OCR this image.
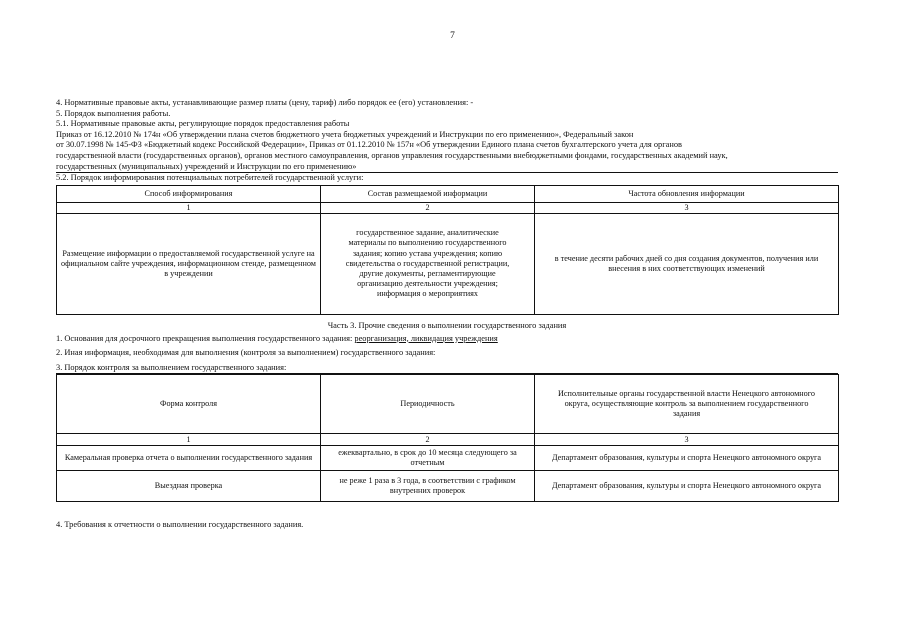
7
4. Нормативные правовые акты, устанавливающие размер платы (цену, тариф) либо порядок ее (его) установления: -
5. Порядок выполнения работы.
5.1. Нормативные правовые акты, регулирующие порядок предоставления работы
Приказ от 16.12.2010 № 174н «Об утверждении плана счетов бюджетного учета бюджетных учреждений и Инструкции по его применению», Федеральный закон
от 30.07.1998 № 145-ФЗ «Бюджетный кодекс Российской Федерации», Приказ от 01.12.2010 № 157н «Об утверждении Единого плана счетов бухгалтерского учета для органов
государственной власти (государственных органов), органов местного самоуправления, органов управления государственными внебюджетными фондами, государственных академий наук,
государственных (муниципальных) учреждений и Инструкции по его применению»
5.2. Порядок информирования потенциальных потребителей государственной услуги:
Способ информирования	Состав размещаемой информации	Частота обновления информации
1	2	3
Размещение информации о предоставляемой государственной услуге на официальном сайте учреждения, информационном стенде, размещенном в учреждении	государственное задание, аналитические материалы по выполнению государственного задания; копию устава учреждения; копию свидетельства о государственной регистрации, другие документы, регламентирующие организацию деятельности учреждения; информация о мероприятиях	в течение десяти рабочих дней со дня создания документов, получения или внесения в них соответствующих изменений
Часть 3. Прочие сведения о выполнении государственного задания
1. Основания для досрочного прекращения выполнения государственного задания: реорганизация, ликвидация учреждения
2. Иная информация, необходимая для выполнения (контроля за выполнением) государственного задания:
3. Порядок контроля за выполнением государственного задания:
Форма контроля	Периодичность	Исполнительные органы государственной власти Ненецкого автономного округа, осуществляющие контроль за выполнением государственного задания
1	2	3
Камеральная проверка отчета о выполнении государственного задания	ежеквартально, в срок до 10 месяца следующего за отчетным	Департамент образования, культуры и спорта Ненецкого автономного округа
Выездная проверка	не реже 1 раза в 3 года, в соответствии с графиком внутренних проверок	Департамент образования, культуры и спорта Ненецкого автономного округа
4. Требования к отчетности о выполнении государственного задания.
